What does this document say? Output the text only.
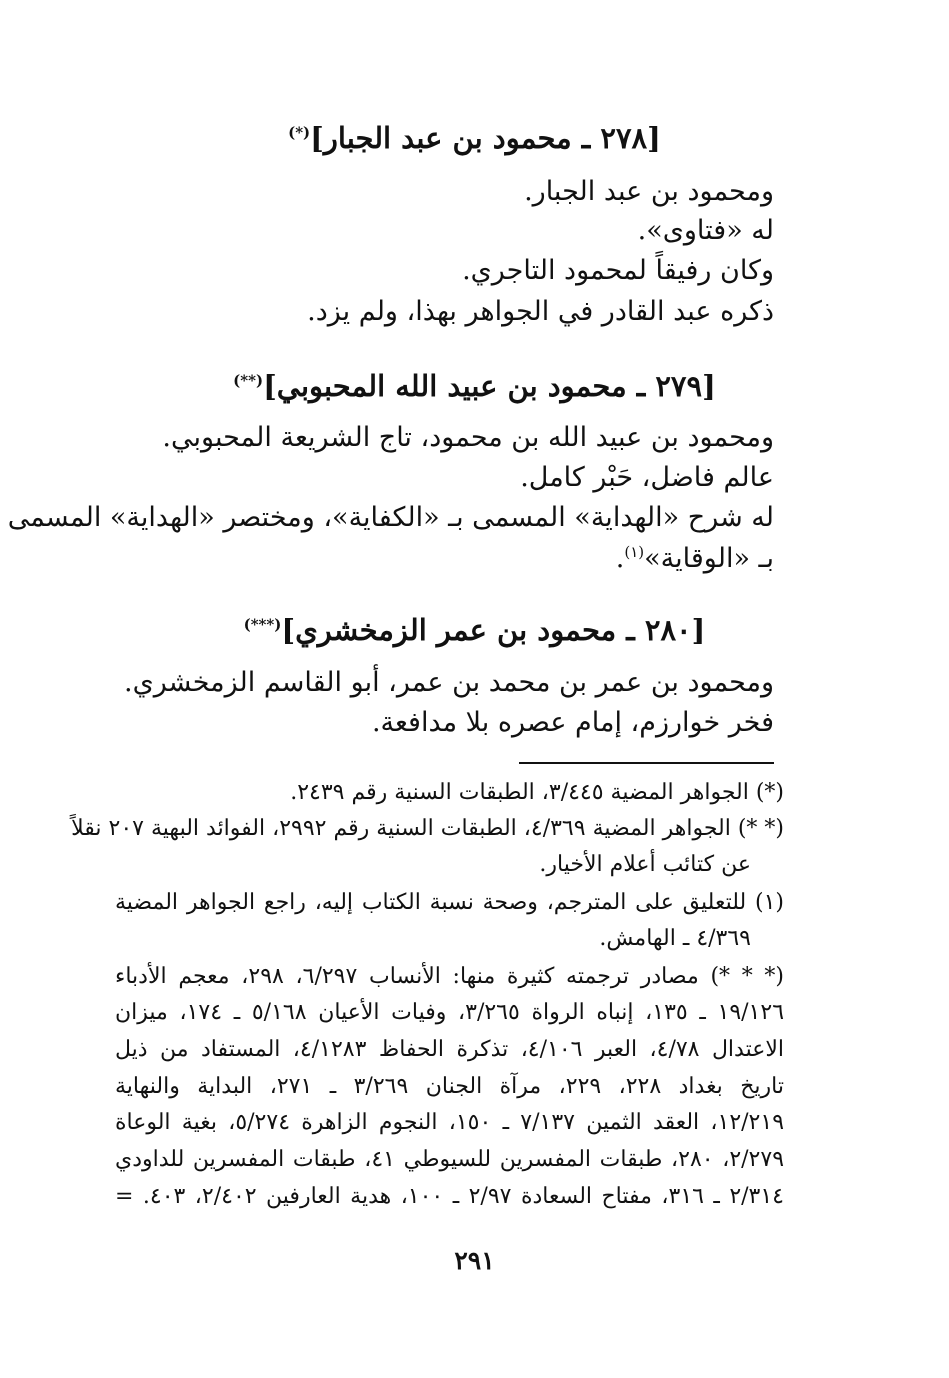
[٢٧٨ ـ محمود بن عبد الجبار](*)
ومحمود بن عبد الجبار.
له «فتاوى».
وكان رفيقاً لمحمود التاجري.
ذكره عبد القادر في الجواهر بهذا، ولم يزد.
[٢٧٩ ـ محمود بن عبيد الله المحبوبي](**)
ومحمود بن عبيد الله بن محمود، تاج الشريعة المحبوبي.
عالم فاضل، حَبْر كامل.
له شرح «الهداية» المسمى بـ «الكفاية»، ومختصر «الهداية» المسمى
بـ «الوقاية»$^{(١)}$.
[٢٨٠ ـ محمود بن عمر الزمخشري](***)
ومحمود بن عمر بن محمد بن عمر، أبو القاسم الزمخشري.
فخر خوارزم، إمام عصره بلا مدافعة.
(*) الجواهر المضية ٣/٤٤٥، الطبقات السنية رقم ٢٤٣٩.
(* *) الجواهر المضية ٤/٣٦٩، الطبقات السنية رقم ٢٩٩٢، الفوائد البهية ٢٠٧ نقلاً
عن كتائب أعلام الأخيار.
(١) للتعليق على المترجم، وصحة نسبة الكتاب إليه، راجع الجواهر المضية
٤/٣٦٩ ـ الهامش.
(* * *) مصادر ترجمته كثيرة منها: الأنساب ٦/٢٩٧، ٢٩٨، معجم الأدباء
١٩/١٢٦ ـ ١٣٥، إنباه الرواة ٣/٢٦٥، وفيات الأعيان ٥/١٦٨ ـ ١٧٤، ميزان
الاعتدال ٤/٧٨، العبر ٤/١٠٦، تذكرة الحفاظ ٤/١٢٨٣، المستفاد من ذيل
تاريخ بغداد ٢٢٨، ٢٢٩، مرآة الجنان ٣/٢٦٩ ـ ٢٧١، البداية والنهاية
١٢/٢١٩، العقد الثمين ٧/١٣٧ ـ ١٥٠، النجوم الزاهرة ٥/٢٧٤، بغية الوعاة
٢/٢٧٩، ٢٨٠، طبقات المفسرين للسيوطي ٤١، طبقات المفسرين للداودي
٢/٣١٤ ـ ٣١٦، مفتاح السعادة ٢/٩٧ ـ ١٠٠، هدية العارفين ٢/٤٠٢، ٤٠٣. =
٢٩١
